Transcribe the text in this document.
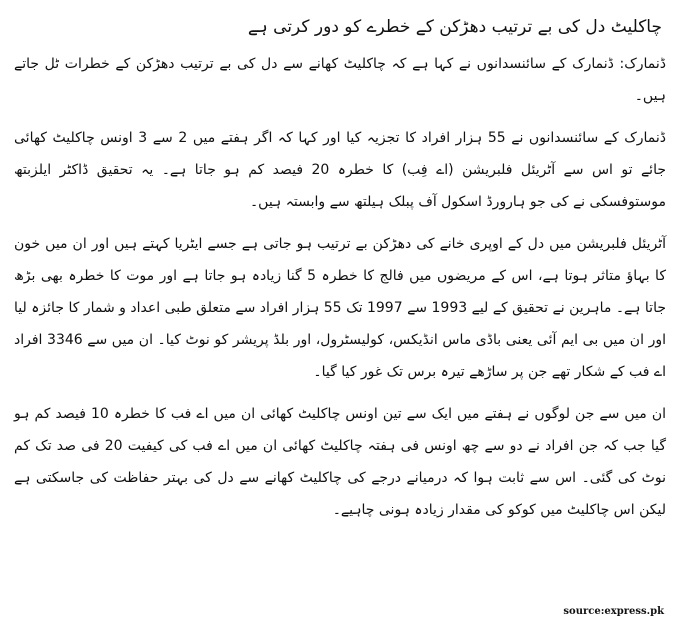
چاکلیٹ دل کی بے ترتیب دھڑکن کے خطرے کو دور کرتی ہے

ڈنمارک: ڈنمارک کے سائنسدانوں نے کہا ہے کہ چاکلیٹ کھانے سے دل کی بے ترتیب دھڑکن کے خطرات ٹل جاتے ہیں۔

ڈنمارک کے سائنسدانوں نے 55 ہزار افراد کا تجزیہ کیا اور کہا کہ اگر ہفتے میں 2 سے 3 اونس چاکلیٹ کھائی جائے تو اس سے آٹریئل فلبریشن (اے فِب) کا خطرہ 20 فیصد کم ہو جاتا ہے۔ یہ تحقیق ڈاکٹر ایلزبتھ موستوفسکی نے کی جو ہارورڈ اسکول آف پبلک ہیلتھ سے وابستہ ہیں۔

آٹریئل فلبریشن میں دل کے اوپری خانے کی دھڑکن بے ترتیب ہو جاتی ہے جسے ایٹریا کہتے ہیں اور ان میں خون کا بہاؤ متاثر ہوتا ہے، اس کے مریضوں میں فالج کا خطرہ 5 گنا زیادہ ہو جاتا ہے اور موت کا خطرہ بھی بڑھ جاتا ہے۔ ماہرین نے تحقیق کے لیے 1993 سے 1997 تک 55 ہزار افراد سے متعلق طبی اعداد و شمار کا جائزہ لیا اور ان میں بی ایم آئی یعنی باڈی ماس انڈیکس، کولیسٹرول، اور بلڈ پریشر کو نوٹ کیا۔ ان میں سے 3346 افراد اے فب کے شکار تھے جن پر ساڑھے تیرہ برس تک غور کیا گیا۔

ان میں سے جن لوگوں نے ہفتے میں ایک سے تین اونس چاکلیٹ کھائی ان میں اے فب کا خطرہ 10 فیصد کم ہو گیا جب کہ جن افراد نے دو سے چھ اونس فی ہفتہ چاکلیٹ کھائی ان میں اے فب کی کیفیت 20 فی صد تک کم نوٹ کی گئی۔ اس سے ثابت ہوا کہ درمیانے درجے کی چاکلیٹ کھانے سے دل کی بہتر حفاظت کی جاسکتی ہے لیکن اس چاکلیٹ میں کوکو کی مقدار زیادہ ہونی چاہیے۔

source:express.pk
